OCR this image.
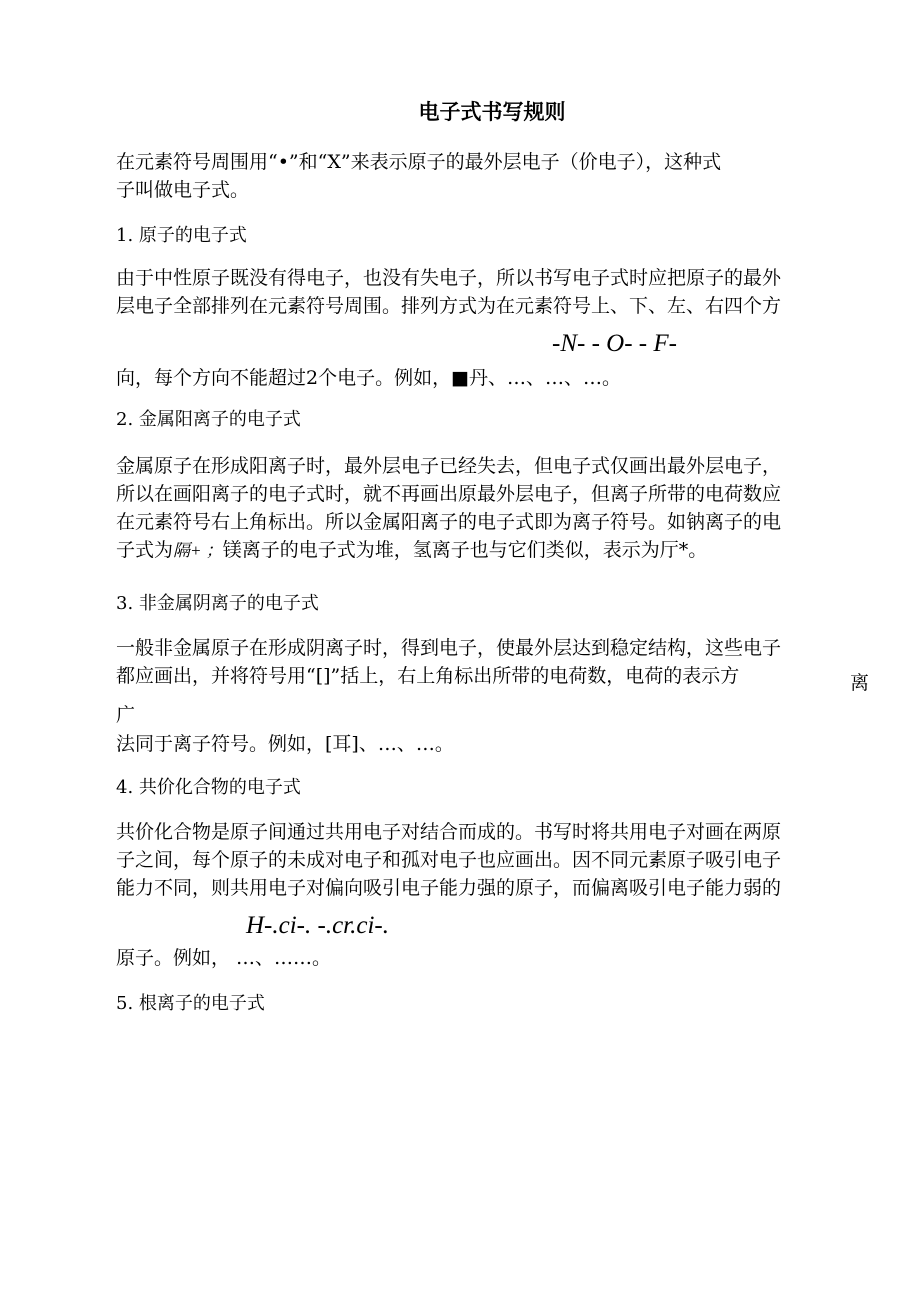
电子式书写规则
在元素符号周围用“•”和“X”来表示原子的最外层电子（价电子），这种式
子叫做电子式。
1. 原子的电子式
由于中性原子既没有得电子，也没有失电子，所以书写电子式时应把原子的最外
层电子全部排列在元素符号周围。排列方式为在元素符号上、下、左、右四个方
-N- - O- - F-
向，每个方向不能超过2个电子。例如，■丹、…、…、…。
2. 金属阳离子的电子式
金属原子在形成阳离子时，最外层电子已经失去，但电子式仅画出最外层电子，
所以在画阳离子的电子式时，就不再画出原最外层电子，但离子所带的电荷数应
在元素符号右上角标出。所以金属阳离子的电子式即为离子符号。如钠离子的电
子式为隔+ ；镁离子的电子式为堆，氢离子也与它们类似，表示为厅*。
3. 非金属阴离子的电子式
一般非金属原子在形成阴离子时，得到电子，使最外层达到稳定结构，这些电子
都应画出，并将符号用“[]”括上，右上角标出所带的电荷数，电荷的表示方	离
广
法同于离子符号。例如，[耳]、…、…。
4. 共价化合物的电子式
共价化合物是原子间通过共用电子对结合而成的。书写时将共用电子对画在两原
子之间，每个原子的未成对电子和孤对电子也应画出。因不同元素原子吸引电子
能力不同，则共用电子对偏向吸引电子能力强的原子，而偏离吸引电子能力弱的
H-.ci-. -.cr.ci-.
原子。例如， …、……。
5. 根离子的电子式
